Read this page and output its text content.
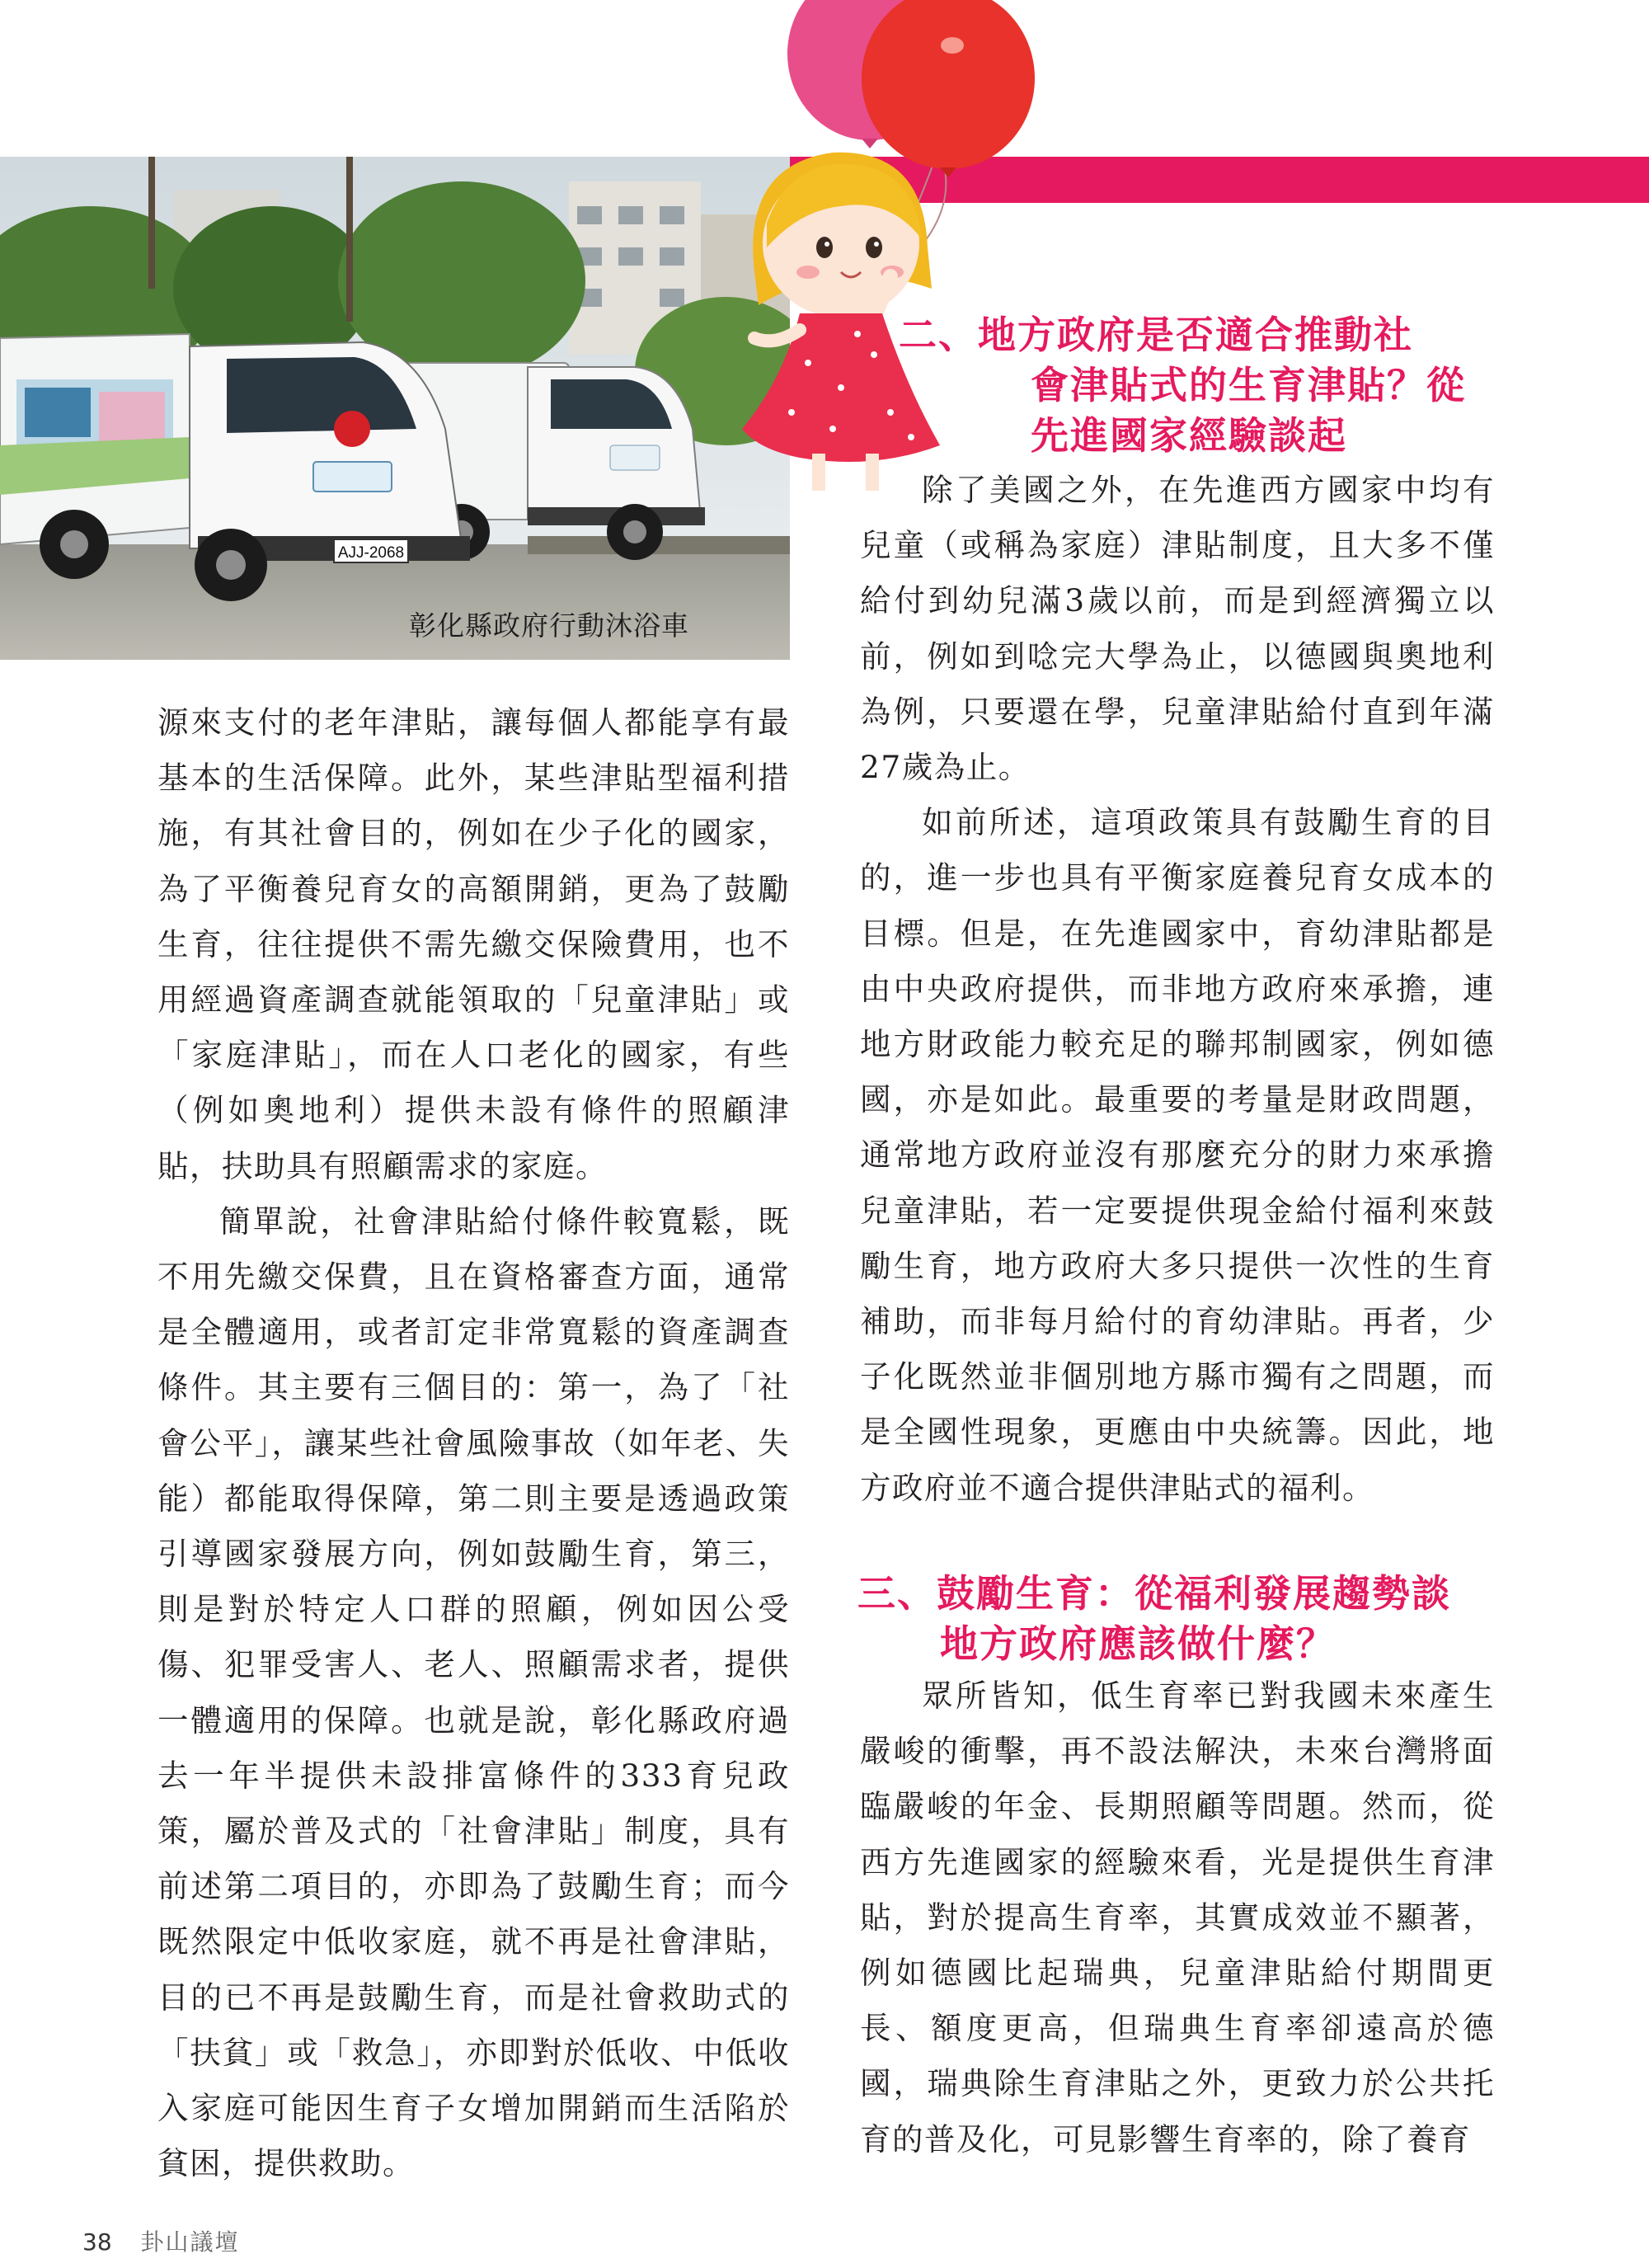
AJJ-2068
彰化縣政府行動沐浴車

源來支付的老年津貼，讓每個人都能享有最基本的生活保障。此外，某些津貼型福利措施，有其社會目的，例如在少子化的國家，為了平衡養兒育女的高額開銷，更為了鼓勵生育，往往提供不需先繳交保險費用，也不用經過資產調查就能領取的「兒童津貼」或「家庭津貼」，而在人口老化的國家，有些（例如奧地利）提供未設有條件的照顧津貼，扶助具有照顧需求的家庭。

簡單說，社會津貼給付條件較寬鬆，既不用先繳交保費，且在資格審查方面，通常是全體適用，或者訂定非常寬鬆的資產調查條件。其主要有三個目的：第一，為了「社會公平」，讓某些社會風險事故（如年老、失能）都能取得保障，第二則主要是透過政策引導國家發展方向，例如鼓勵生育，第三，則是對於特定人口群的照顧，例如因公受傷、犯罪受害人、老人、照顧需求者，提供一體適用的保障。也就是說，彰化縣政府過去一年半提供未設排富條件的333育兒政策，屬於普及式的「社會津貼」制度，具有前述第二項目的，亦即為了鼓勵生育；而今既然限定中低收家庭，就不再是社會津貼，目的已不再是鼓勵生育，而是社會救助式的「扶貧」或「救急」，亦即對於低收、中低收入家庭可能因生育子女增加開銷而生活陷於貧困，提供救助。

二、地方政府是否適合推動社
會津貼式的生育津貼？從
先進國家經驗談起

除了美國之外，在先進西方國家中均有兒童（或稱為家庭）津貼制度，且大多不僅給付到幼兒滿3歲以前，而是到經濟獨立以前，例如到唸完大學為止，以德國與奧地利為例，只要還在學，兒童津貼給付直到年滿27歲為止。

如前所述，這項政策具有鼓勵生育的目的，進一步也具有平衡家庭養兒育女成本的目標。但是，在先進國家中，育幼津貼都是由中央政府提供，而非地方政府來承擔，連地方財政能力較充足的聯邦制國家，例如德國，亦是如此。最重要的考量是財政問題，通常地方政府並沒有那麼充分的財力來承擔兒童津貼，若一定要提供現金給付福利來鼓勵生育，地方政府大多只提供一次性的生育補助，而非每月給付的育幼津貼。再者，少子化既然並非個別地方縣市獨有之問題，而是全國性現象，更應由中央統籌。因此，地方政府並不適合提供津貼式的福利。

三、鼓勵生育：從福利發展趨勢談
地方政府應該做什麼？

眾所皆知，低生育率已對我國未來產生嚴峻的衝擊，再不設法解決，未來台灣將面臨嚴峻的年金、長期照顧等問題。然而，從西方先進國家的經驗來看，光是提供生育津貼，對於提高生育率，其實成效並不顯著，例如德國比起瑞典，兒童津貼給付期間更長、額度更高，但瑞典生育率卻遠高於德國，瑞典除生育津貼之外，更致力於公共托育的普及化，可見影響生育率的，除了養育

38 卦山議壇
